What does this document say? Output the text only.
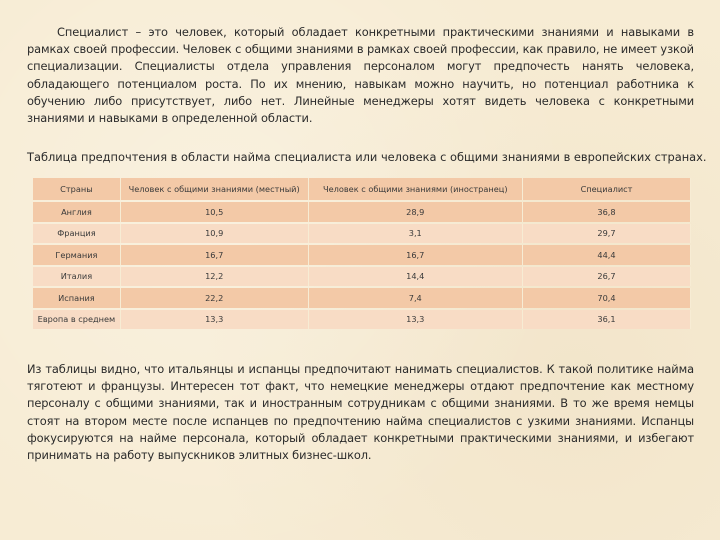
Специалист – это человек, который обладает конкретными практическими знаниями и навыками в рамках своей профессии. Человек с общими знаниями в рамках своей профессии, как правило, не имеет узкой специализации. Специалисты отдела управления персоналом могут предпочесть нанять человека, обладающего потенциалом роста. По их мнению, навыкам можно научить, но потенциал работника к обучению либо присутствует, либо нет. Линейные менеджеры хотят видеть человека с конкретными знаниями и навыками в определенной области.

Таблица предпочтения в области найма специалиста или человека с общими знаниями в европейских странах.
Страны	Человек с общими знаниями (местный)	Человек с общими знаниями (иностранец)	Специалист
Англия	10,5	28,9	36,8
Франция	10,9	3,1	29,7
Германия	16,7	16,7	44,4
Италия	12,2	14,4	26,7
Испания	22,2	7,4	70,4
Европа в среднем	13,3	13,3	36,1

Из таблицы видно, что итальянцы и испанцы предпочитают нанимать специалистов. К такой политике найма тяготеют и французы. Интересен тот факт, что немецкие менеджеры отдают предпочтение как местному персоналу с общими знаниями, так и иностранным сотрудникам с общими знаниями. В то же время немцы стоят на втором месте после испанцев по предпочтению найма специалистов с узкими знаниями. Испанцы фокусируются на найме персонала, который обладает конкретными практическими знаниями, и избегают принимать на работу выпускников элитных бизнес-школ.
